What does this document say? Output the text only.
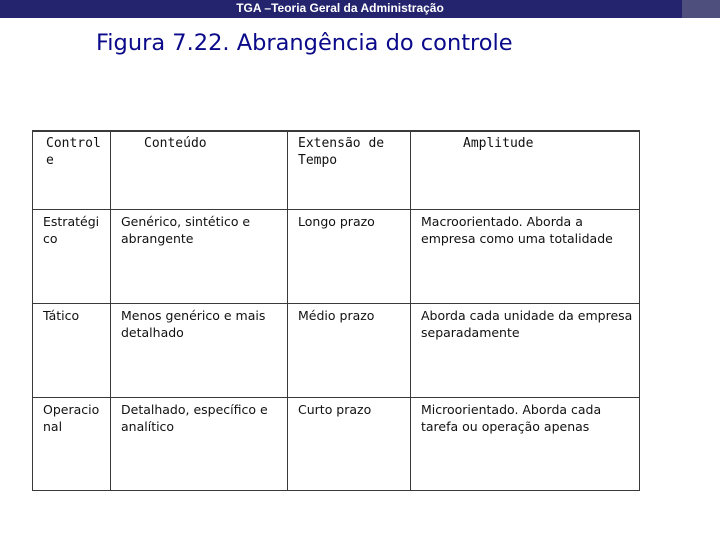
TGA –Teoria Geral da Administração
Figura 7.22. Abrangência do controle
Control e	Conteúdo	Extensão de Tempo	Amplitude
Estratégi co	Genérico, sintético e abrangente	Longo prazo	Macroorientado. Aborda a empresa como uma totalidade
Tático	Menos genérico e mais detalhado	Médio prazo	Aborda cada unidade da empresa separadamente
Operacio nal	Detalhado, específico e analítico	Curto prazo	Microorientado. Aborda cada tarefa ou operação apenas
